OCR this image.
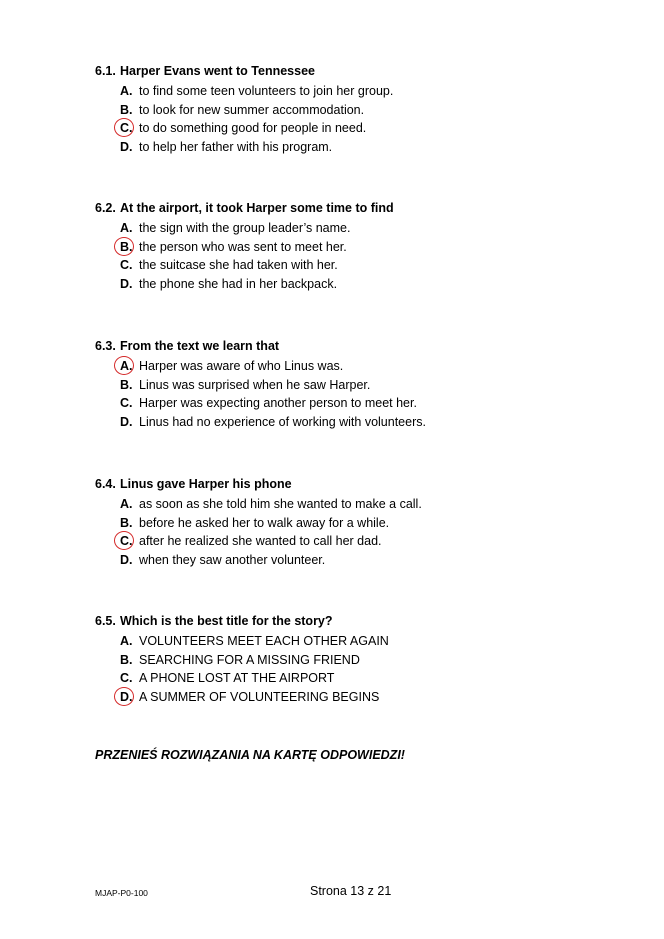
6.1. Harper Evans went to Tennessee
A. to find some teen volunteers to join her group.
B. to look for new summer accommodation.
C. to do something good for people in need.
D. to help her father with his program.
6.2. At the airport, it took Harper some time to find
A. the sign with the group leader’s name.
B. the person who was sent to meet her.
C. the suitcase she had taken with her.
D. the phone she had in her backpack.
6.3. From the text we learn that
A. Harper was aware of who Linus was.
B. Linus was surprised when he saw Harper.
C. Harper was expecting another person to meet her.
D. Linus had no experience of working with volunteers.
6.4. Linus gave Harper his phone
A. as soon as she told him she wanted to make a call.
B. before he asked her to walk away for a while.
C. after he realized she wanted to call her dad.
D. when they saw another volunteer.
6.5. Which is the best title for the story?
A. VOLUNTEERS MEET EACH OTHER AGAIN
B. SEARCHING FOR A MISSING FRIEND
C. A PHONE LOST AT THE AIRPORT
D. A SUMMER OF VOLUNTEERING BEGINS
PRZENIEŚ ROZWIĄZANIA NA KARTĘ ODPOWIEDZI!
MJAP-P0-100	Strona 13 z 21
